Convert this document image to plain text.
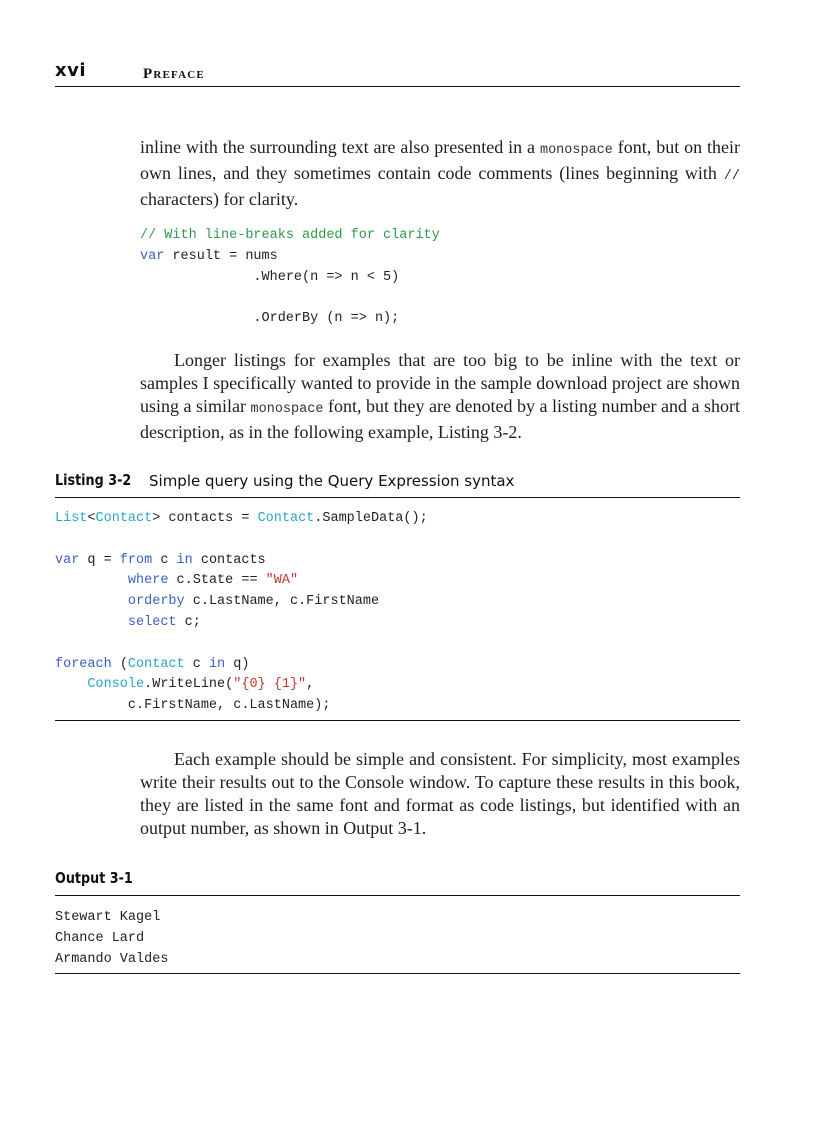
xvi	Preface

inline with the surrounding text are also presented in a monospace font, but on their own lines, and they sometimes contain code comments (lines beginning with // characters) for clarity.

// With line-breaks added for clarity
var result = nums
.Where(n => n < 5)

.OrderBy (n => n);

Longer listings for examples that are too big to be inline with the text or samples I specifically wanted to provide in the sample download project are shown using a similar monospace font, but they are denoted by a listing number and a short description, as in the following example, Listing 3-2.

Listing 3-2 Simple query using the Query Expression syntax
List<Contact> contacts = Contact.SampleData();

var q = from c in contacts
where c.State == "WA"
orderby c.LastName, c.FirstName
select c;

foreach (Contact c in q)
Console.WriteLine("{0} {1}",
c.FirstName, c.LastName);

Each example should be simple and consistent. For simplicity, most examples write their results out to the Console window. To capture these results in this book, they are listed in the same font and format as code listings, but identified with an output number, as shown in Output 3-1.

Output 3-1
Stewart Kagel
Chance Lard
Armando Valdes
